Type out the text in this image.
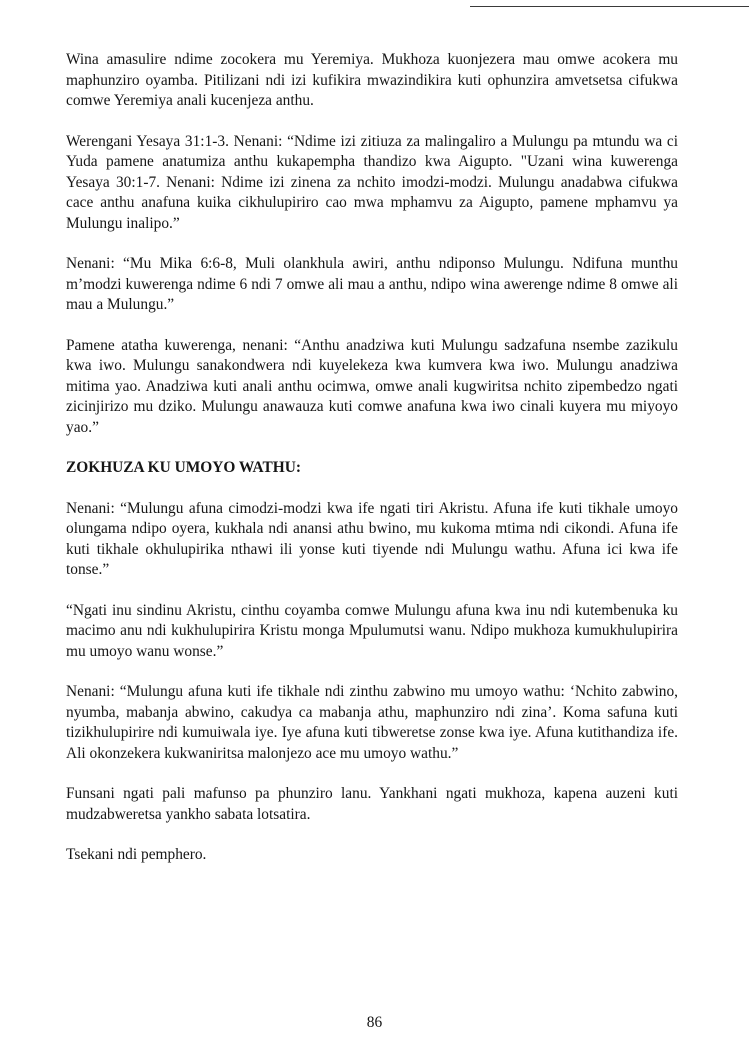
Wina amasulire ndime zocokera mu Yeremiya. Mukhoza kuonjezera mau omwe acokera mu maphunziro oyamba. Pitilizani ndi izi kufikira mwazindikira kuti ophunzira amvetsetsa cifukwa comwe Yeremiya anali kucenjeza anthu.

Werengani Yesaya 31:1-3. Nenani: “Ndime izi zitiuza za malingaliro a Mulungu pa mtundu wa ci Yuda pamene anatumiza anthu kukapempha thandizo kwa Aigupto. "Uzani wina kuwerenga Yesaya 30:1-7. Nenani: Ndime izi zinena za nchito imodzi-modzi. Mulungu anadabwa cifukwa cace anthu anafuna kuika cikhulupiriro cao mwa mphamvu za Aigupto, pamene mphamvu ya Mulungu inalipo.”

Nenani: “Mu Mika 6:6-8, Muli olankhula awiri, anthu ndiponso Mulungu. Ndifuna munthu m’modzi kuwerenga ndime 6 ndi 7 omwe ali mau a anthu, ndipo wina awerenge ndime 8 omwe ali mau a Mulungu.”

Pamene atatha kuwerenga, nenani: “Anthu anadziwa kuti Mulungu sadzafuna nsembe zazikulu kwa iwo. Mulungu sanakondwera ndi kuyelekeza kwa kumvera kwa iwo. Mulungu anadziwa mitima yao. Anadziwa kuti anali anthu ocimwa, omwe anali kugwiritsa nchito zipembedzo ngati zicinjirizo mu dziko. Mulungu anawauza kuti comwe anafuna kwa iwo cinali kuyera mu miyoyo yao.”

ZOKHUZA KU UMOYO WATHU:

Nenani: “Mulungu afuna cimodzi-modzi kwa ife ngati tiri Akristu. Afuna ife kuti tikhale umoyo olungama ndipo oyera, kukhala ndi anansi athu bwino, mu kukoma mtima ndi cikondi. Afuna ife kuti tikhale okhulupirika nthawi ili yonse kuti tiyende ndi Mulungu wathu. Afuna ici kwa ife tonse.”

“Ngati inu sindinu Akristu, cinthu coyamba comwe Mulungu afuna kwa inu ndi kutembenuka ku macimo anu ndi kukhulupirira Kristu monga Mpulumutsi wanu. Ndipo mukhoza kumukhulupirira mu umoyo wanu wonse.”

Nenani: “Mulungu afuna kuti ife tikhale ndi zinthu zabwino mu umoyo wathu: ‘Nchito zabwino, nyumba, mabanja abwino, cakudya ca mabanja athu, maphunziro ndi zina’. Koma safuna kuti tizikhulupirire ndi kumuiwala iye. Iye afuna kuti tibweretse zonse kwa iye. Afuna kutithandiza ife. Ali okonzekera kukwaniritsa malonjezo ace mu umoyo wathu.”

Funsani ngati pali mafunso pa phunziro lanu. Yankhani ngati mukhoza, kapena auzeni kuti mudzabweretsa yankho sabata lotsatira.

Tsekani ndi pemphero.

86
